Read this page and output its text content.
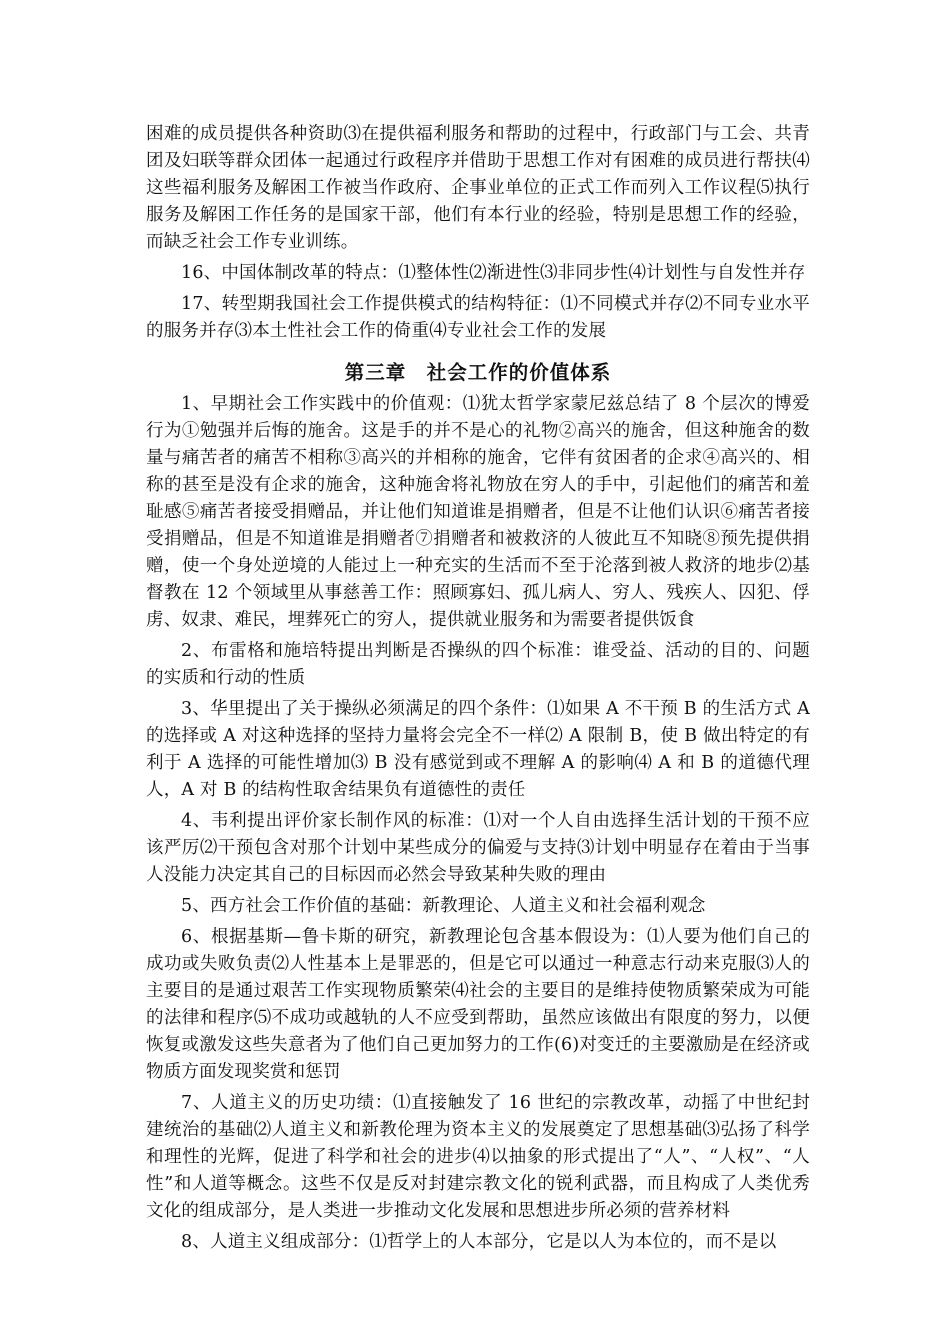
困难的成员提供各种资助⑶在提供福利服务和帮助的过程中，行政部门与工会、共青团及妇联等群众团体一起通过行政程序并借助于思想工作对有困难的成员进行帮扶⑷这些福利服务及解困工作被当作政府、企事业单位的正式工作而列入工作议程⑸执行服务及解困工作任务的是国家干部，他们有本行业的经验，特别是思想工作的经验，而缺乏社会工作专业训练。

16、中国体制改革的特点：⑴整体性⑵渐进性⑶非同步性⑷计划性与自发性并存

17、转型期我国社会工作提供模式的结构特征：⑴不同模式并存⑵不同专业水平的服务并存⑶本土性社会工作的倚重⑷专业社会工作的发展

第三章　社会工作的价值体系

1、早期社会工作实践中的价值观：⑴犹太哲学家蒙尼兹总结了 8 个层次的博爱行为①勉强并后悔的施舍。这是手的并不是心的礼物②高兴的施舍，但这种施舍的数量与痛苦者的痛苦不相称③高兴的并相称的施舍，它伴有贫困者的企求④高兴的、相称的甚至是没有企求的施舍，这种施舍将礼物放在穷人的手中，引起他们的痛苦和羞耻感⑤痛苦者接受捐赠品，并让他们知道谁是捐赠者，但是不让他们认识⑥痛苦者接受捐赠品，但是不知道谁是捐赠者⑦捐赠者和被救济的人彼此互不知晓⑧预先提供捐赠，使一个身处逆境的人能过上一种充实的生活而不至于沦落到被人救济的地步⑵基督教在 12 个领域里从事慈善工作：照顾寡妇、孤儿病人、穷人、残疾人、囚犯、俘虏、奴隶、难民，埋葬死亡的穷人，提供就业服务和为需要者提供饭食

2、布雷格和施培特提出判断是否操纵的四个标准：谁受益、活动的目的、问题的实质和行动的性质

3、华里提出了关于操纵必须满足的四个条件：⑴如果 A 不干预 B 的生活方式 A 的选择或 A 对这种选择的坚持力量将会完全不一样⑵ A 限制 B，使 B 做出特定的有利于 A 选择的可能性增加⑶ B 没有感觉到或不理解 A 的影响⑷ A 和 B 的道德代理人，A 对 B 的结构性取舍结果负有道德性的责任

4、韦利提出评价家长制作风的标准：⑴对一个人自由选择生活计划的干预不应该严厉⑵干预包含对那个计划中某些成分的偏爱与支持⑶计划中明显存在着由于当事人没能力决定其自己的目标因而必然会导致某种失败的理由

5、西方社会工作价值的基础：新教理论、人道主义和社会福利观念

6、根据基斯—鲁卡斯的研究，新教理论包含基本假设为：⑴人要为他们自己的成功或失败负责⑵人性基本上是罪恶的，但是它可以通过一种意志行动来克服⑶人的主要目的是通过艰苦工作实现物质繁荣⑷社会的主要目的是维持使物质繁荣成为可能的法律和程序⑸不成功或越轨的人不应受到帮助，虽然应该做出有限度的努力，以便恢复或激发这些失意者为了他们自己更加努力的工作(6)对变迁的主要激励是在经济或物质方面发现奖赏和惩罚

7、人道主义的历史功绩：⑴直接触发了 16 世纪的宗教改革，动摇了中世纪封建统治的基础⑵人道主义和新教伦理为资本主义的发展奠定了思想基础⑶弘扬了科学和理性的光辉，促进了科学和社会的进步⑷以抽象的形式提出了“人”、“人权”、“人性”和人道等概念。这些不仅是反对封建宗教文化的锐利武器，而且构成了人类优秀文化的组成部分，是人类进一步推动文化发展和思想进步所必须的营养材料

8、人道主义组成部分：⑴哲学上的人本部分，它是以人为本位的，而不是以
